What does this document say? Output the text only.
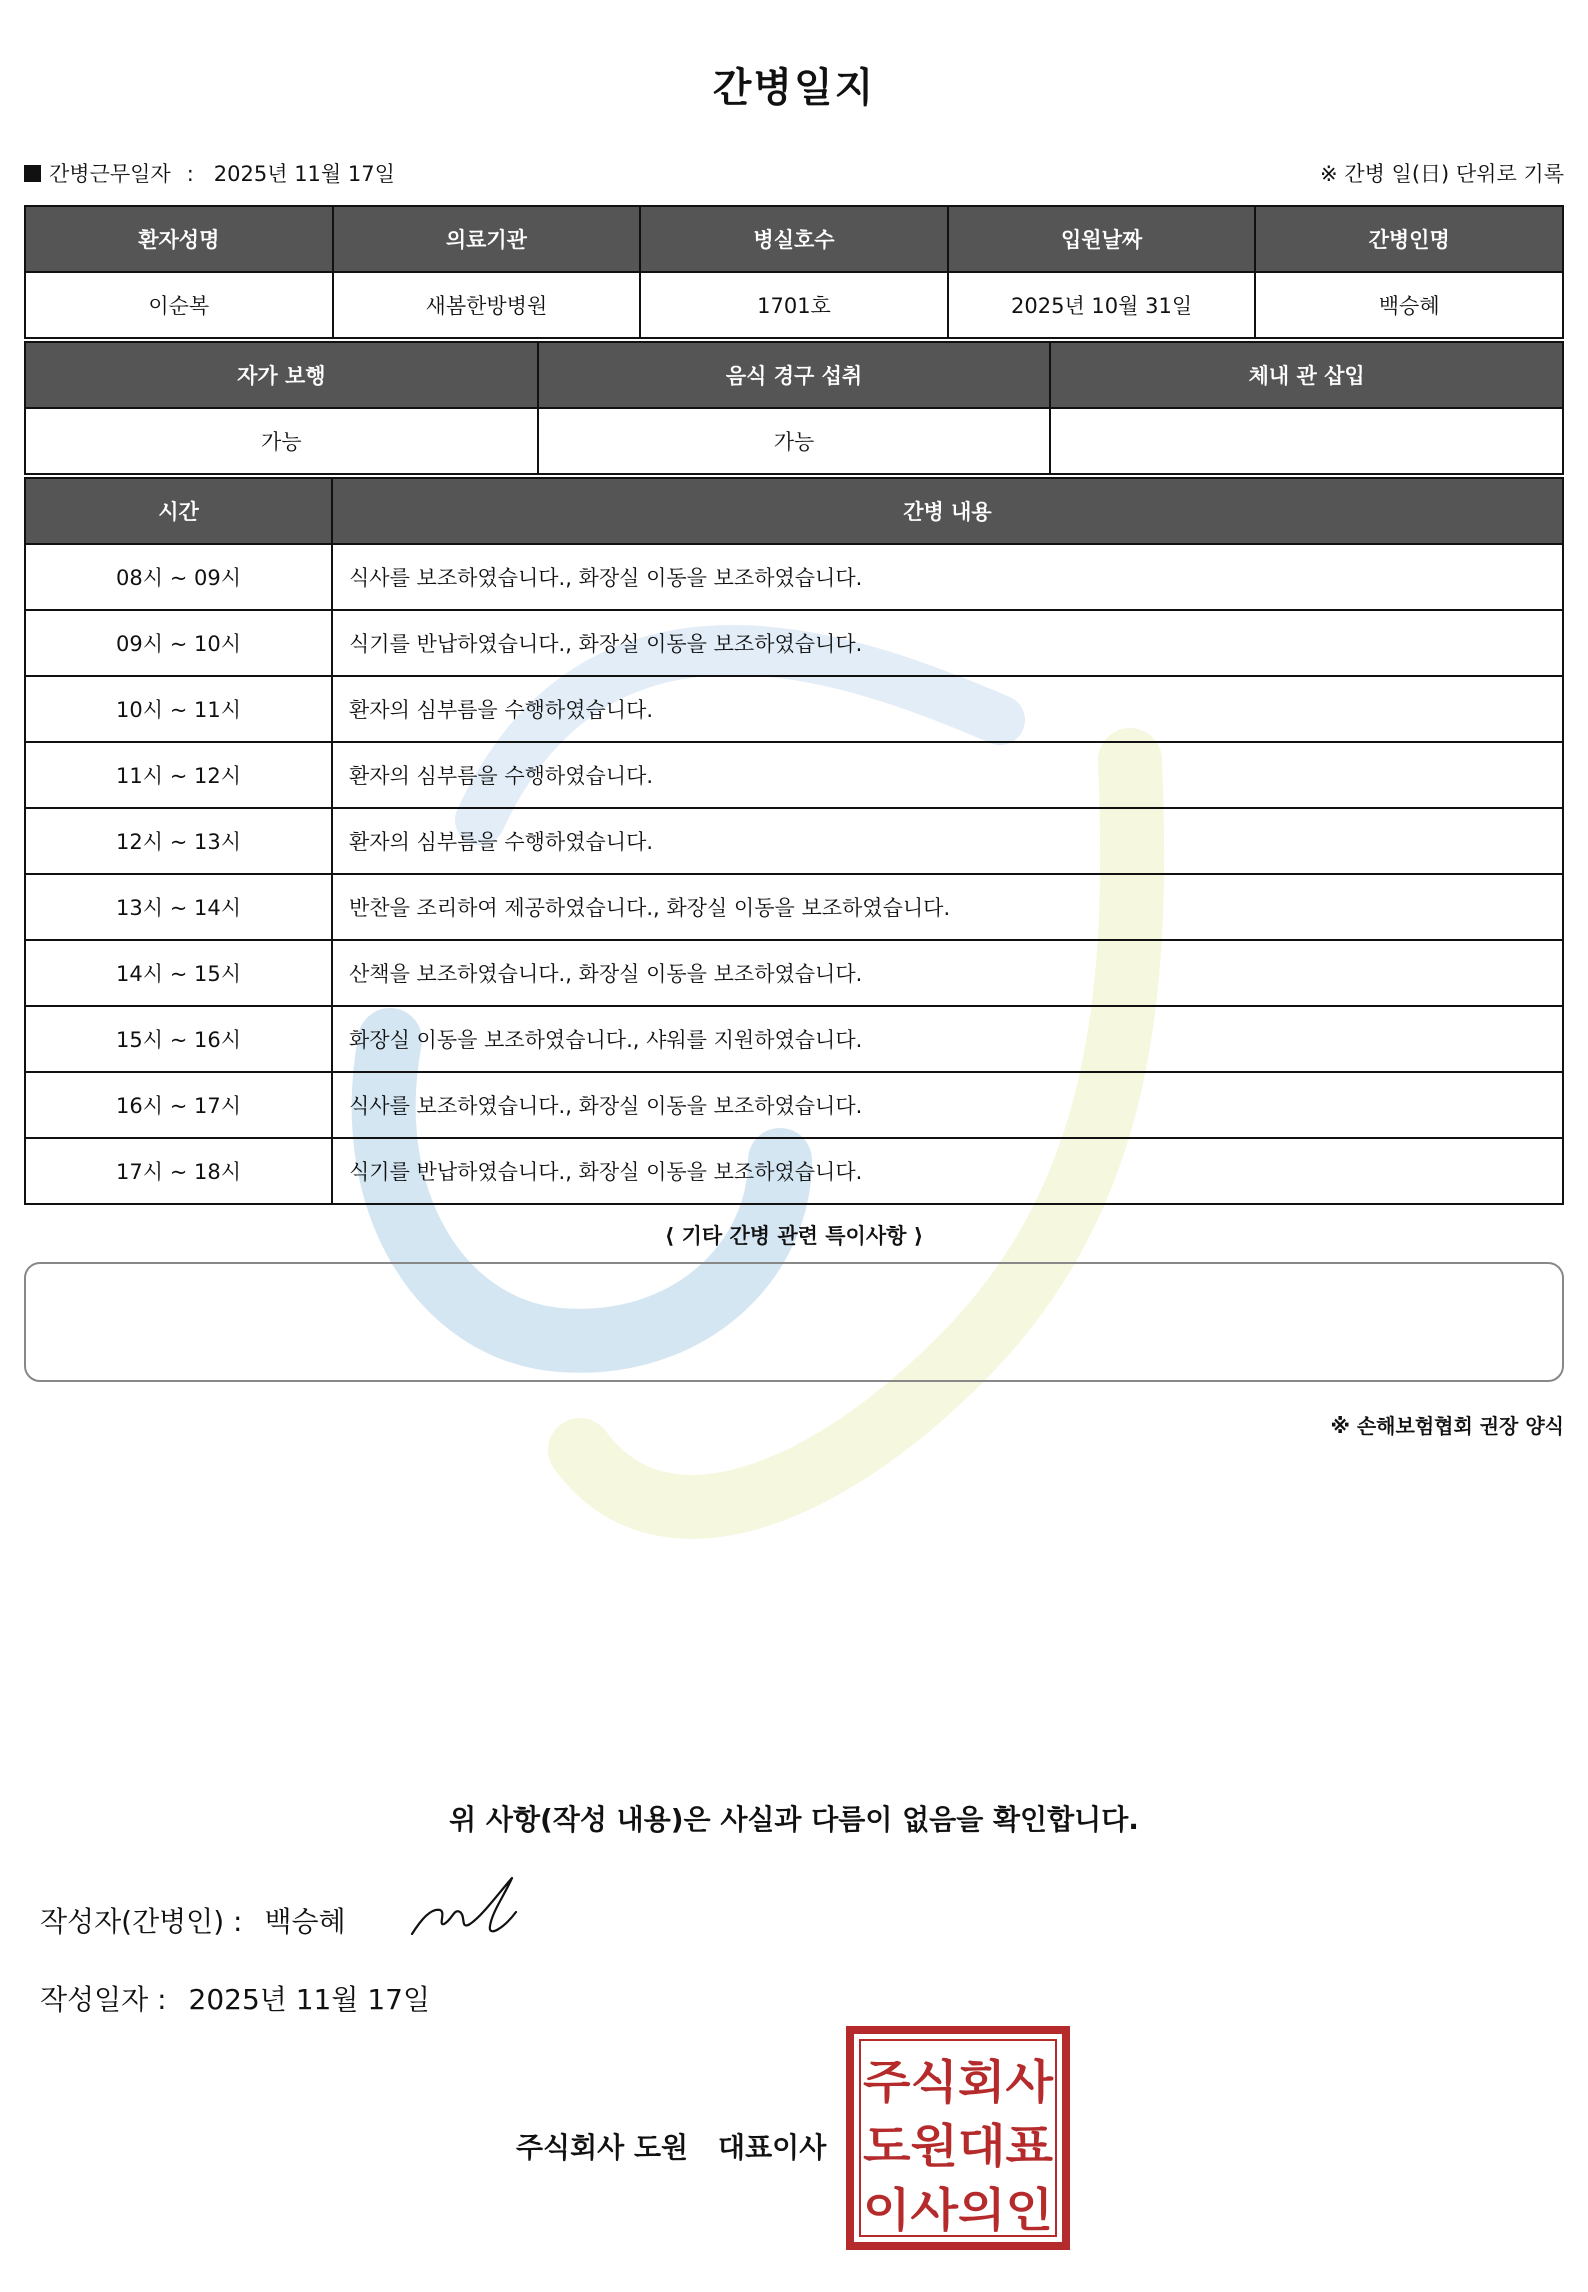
간병일지
간병근무일자 : 2025년 11월 17일	※ 간병 일(日) 단위로 기록
환자성명	의료기관	병실호수	입원날짜	간병인명
이순복	새봄한방병원	1701호	2025년 10월 31일	백승혜
자가 보행	음식 경구 섭취	체내 관 삽입
가능	가능	
시간	간병 내용
08시 ~ 09시	식사를 보조하였습니다., 화장실 이동을 보조하였습니다.
09시 ~ 10시	식기를 반납하였습니다., 화장실 이동을 보조하였습니다.
10시 ~ 11시	환자의 심부름을 수행하였습니다.
11시 ~ 12시	환자의 심부름을 수행하였습니다.
12시 ~ 13시	환자의 심부름을 수행하였습니다.
13시 ~ 14시	반찬을 조리하여 제공하였습니다., 화장실 이동을 보조하였습니다.
14시 ~ 15시	산책을 보조하였습니다., 화장실 이동을 보조하였습니다.
15시 ~ 16시	화장실 이동을 보조하였습니다., 샤워를 지원하였습니다.
16시 ~ 17시	식사를 보조하였습니다., 화장실 이동을 보조하였습니다.
17시 ~ 18시	식기를 반납하였습니다., 화장실 이동을 보조하였습니다.
⟨ 기타 간병 관련 특이사항 ⟩
※ 손해보험협회 권장 양식
위 사항(작성 내용)은 사실과 다름이 없음을 확인합니다.
작성자(간병인) : 백승혜
작성일자 : 2025년 11월 17일
주식회사 도원 대표이사
주식회사
도원대표
이사의인
